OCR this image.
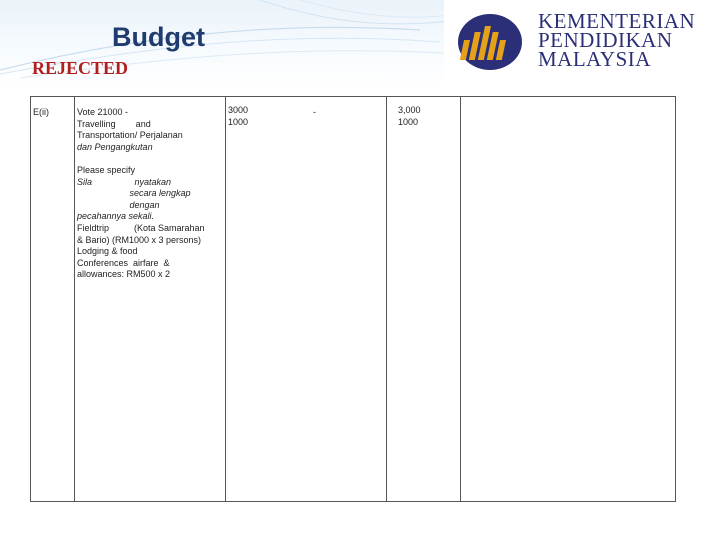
Budget
REJECTED
KEMENTERIAN
PENDIDIKAN
MALAYSIA
E(ii)	Vote 21000 -

Travelling        and

Transportation/ Perjalanan

dan Pengangkutan

Please specify

Sila                 nyatakan

secara lengkap

dengan

pecahannya sekali.

Fieldtrip          (Kota Samarahan

& Bario) (RM1000 x 3 persons)

Lodging & food

Conferences  airfare  &

allowances: RM500 x 2

3000
1000
-	3,000
1000
